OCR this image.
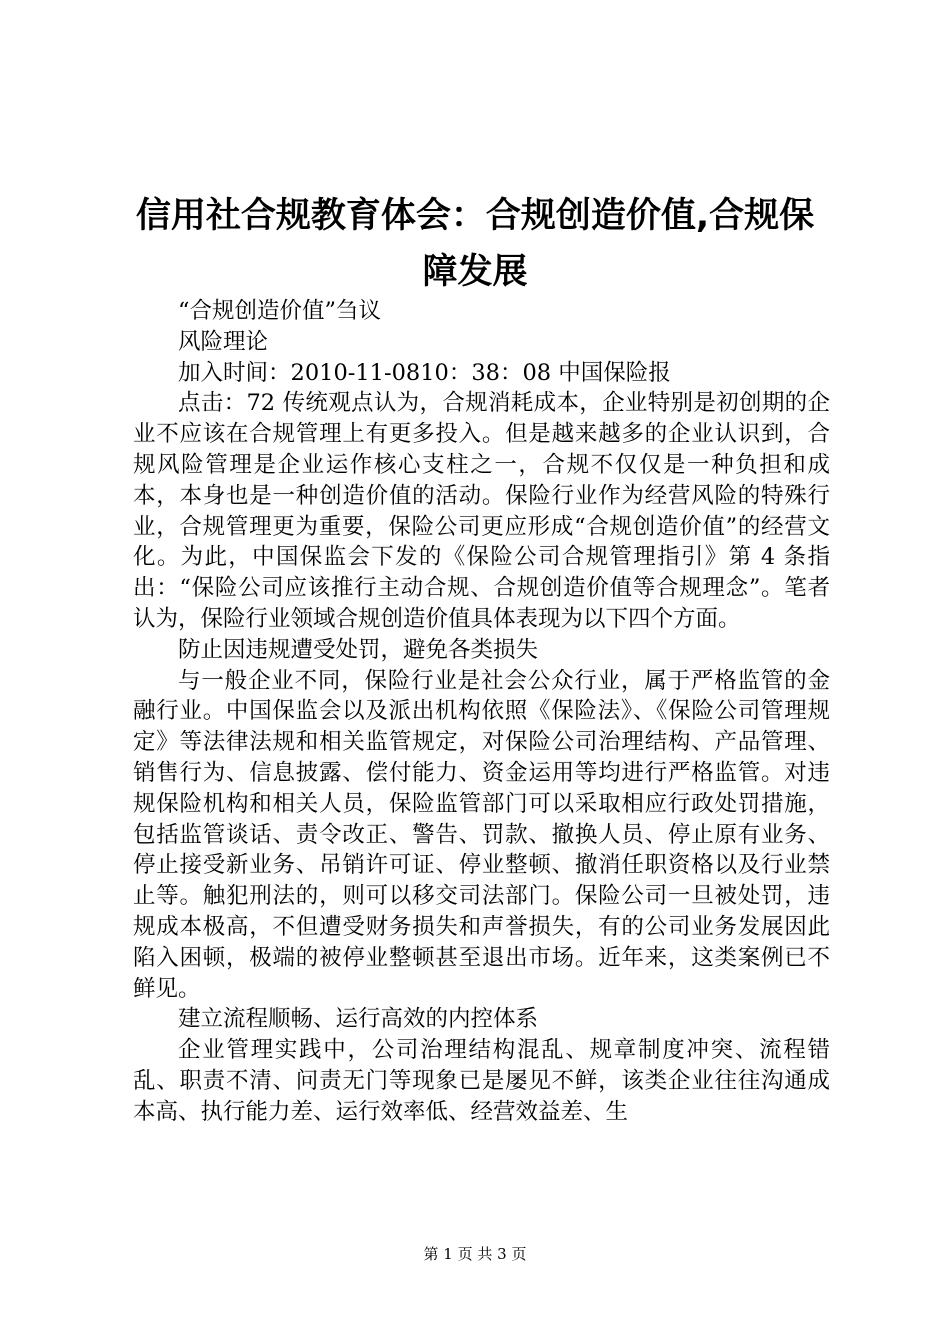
信用社合规教育体会：合规创造价值,合规保障发展

“合规创造价值”刍议

风险理论

加入时间：2010-11-0810：38：08 中国保险报

点击：72 传统观点认为，合规消耗成本，企业特别是初创期的企业不应该在合规管理上有更多投入。但是越来越多的企业认识到，合规风险管理是企业运作核心支柱之一，合规不仅仅是一种负担和成本，本身也是一种创造价值的活动。保险行业作为经营风险的特殊行业，合规管理更为重要，保险公司更应形成“合规创造价值”的经营文化。为此，中国保监会下发的《保险公司合规管理指引》第 4 条指出：“保险公司应该推行主动合规、合规创造价值等合规理念”。笔者认为，保险行业领域合规创造价值具体表现为以下四个方面。

防止因违规遭受处罚，避免各类损失

与一般企业不同，保险行业是社会公众行业，属于严格监管的金融行业。中国保监会以及派出机构依照《保险法》、《保险公司管理规定》等法律法规和相关监管规定，对保险公司治理结构、产品管理、销售行为、信息披露、偿付能力、资金运用等均进行严格监管。对违规保险机构和相关人员，保险监管部门可以采取相应行政处罚措施，包括监管谈话、责令改正、警告、罚款、撤换人员、停止原有业务、停止接受新业务、吊销许可证、停业整顿、撤消任职资格以及行业禁止等。触犯刑法的，则可以移交司法部门。保险公司一旦被处罚，违规成本极高，不但遭受财务损失和声誉损失，有的公司业务发展因此陷入困顿，极端的被停业整顿甚至退出市场。近年来，这类案例已不鲜见。

建立流程顺畅、运行高效的内控体系

企业管理实践中，公司治理结构混乱、规章制度冲突、流程错乱、职责不清、问责无门等现象已是屡见不鲜，该类企业往往沟通成本高、执行能力差、运行效率低、经营效益差、生

第 1 页 共 3 页
